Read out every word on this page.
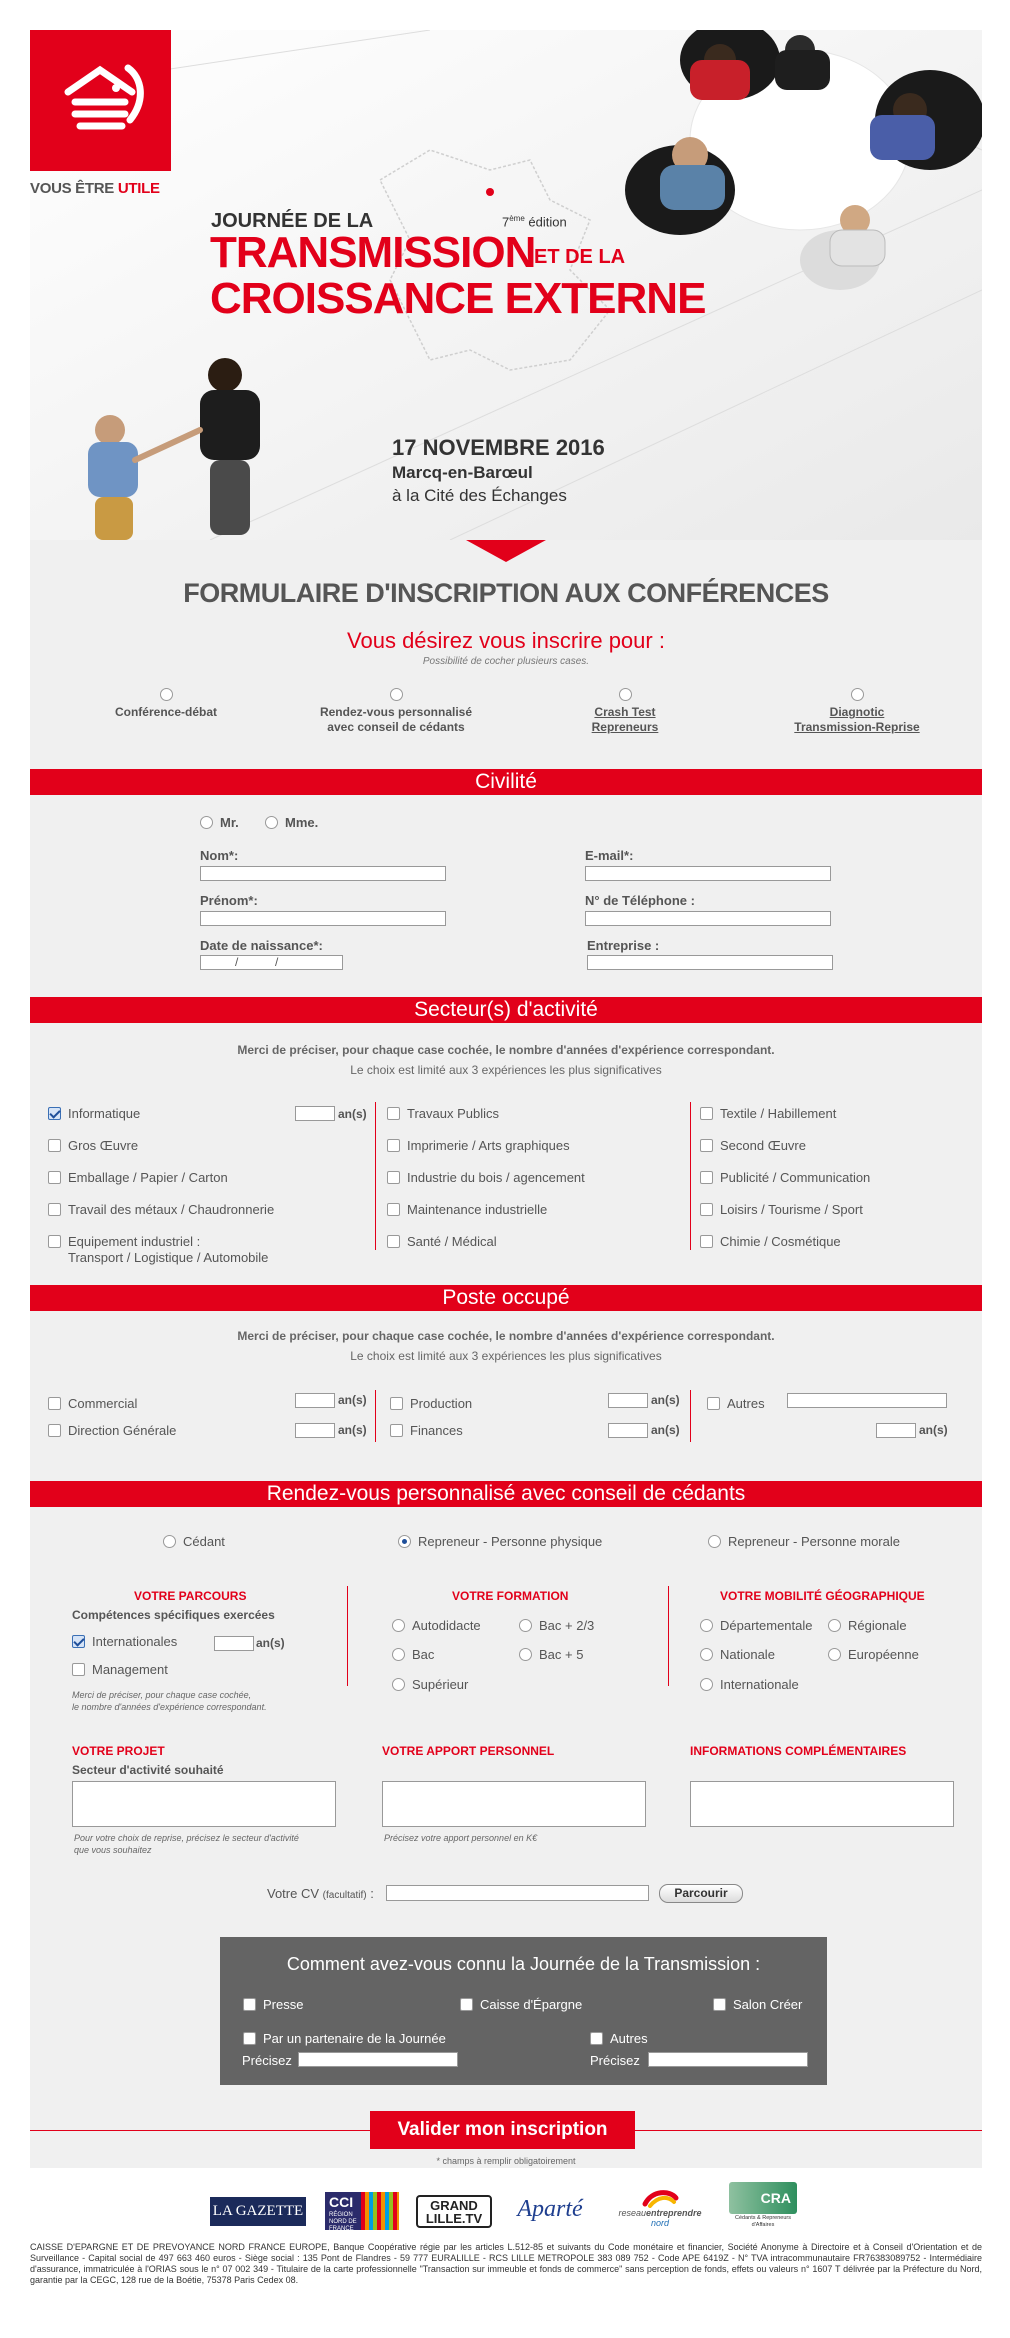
VOUS ÊTRE UTILE
JOURNÉE DE LA	7ème édition
TRANSMISSION
ET DE LA
CROISSANCE EXTERNE
17 NOVEMBRE 2016
Marcq-en-Barœul
à la Cité des Échanges
FORMULAIRE D'INSCRIPTION AUX CONFÉRENCES
Vous désirez vous inscrire pour :
Possibilité de cocher plusieurs cases.
Conférence-débat	Rendez-vous personnalisé
avec conseil de cédants
Crash Test
Repreneurs
Diagnotic
Transmission-Reprise
Civilité
Mr.	Mme.
Nom*:	E-mail*:
Prénom*:	N° de Téléphone :
Date de naissance*:
/	/
Entreprise :
Secteur(s) d'activité
Merci de préciser, pour chaque case cochée, le nombre d'années d'expérience correspondant.
Le choix est limité aux 3 expériences les plus significatives
Informatique	an(s)
Gros Œuvre
Emballage / Papier / Carton
Travail des métaux / Chaudronnerie
Equipement industriel :
Transport / Logistique / Automobile
Travaux Publics
Imprimerie / Arts graphiques
Industrie du bois / agencement
Maintenance industrielle
Santé / Médical
Textile / Habillement
Second Œuvre
Publicité / Communication
Loisirs / Tourisme / Sport
Chimie / Cosmétique
Poste occupé
Merci de préciser, pour chaque case cochée, le nombre d'années d'expérience correspondant.
Le choix est limité aux 3 expériences les plus significatives
Commercial	an(s)
Direction Générale	an(s)
Production	an(s)
Finances	an(s)
Autres
an(s)
Rendez-vous personnalisé avec conseil de cédants
Cédant	Repreneur - Personne physique	Repreneur - Personne morale
VOTRE PARCOURS
Compétences spécifiques exercées
Internationales	an(s)
Management
Merci de préciser, pour chaque case cochée,
le nombre d'années d'expérience correspondant.
VOTRE FORMATION
Autodidacte	Bac + 2/3
Bac	Bac + 5
Supérieur
VOTRE MOBILITÉ GÉOGRAPHIQUE
Départementale	Régionale
Nationale	Européenne
Internationale
VOTRE PROJET
Secteur d'activité souhaité
Pour votre choix de reprise, précisez le secteur d'activité
que vous souhaitez
VOTRE APPORT PERSONNEL
Précisez votre apport personnel en K€
INFORMATIONS COMPLÉMENTAIRES
Votre CV (facultatif) :	Parcourir
Comment avez-vous connu la Journée de la Transmission :
Presse	Caisse d'Épargne	Salon Créer
Par un partenaire de la Journée	Autres
Précisez	Précisez
Valider mon inscription
* champs à remplir obligatoirement
LA GAZETTE
CCI
RÉGION NORD DE FRANCE
GRAND
LILLE.TV	Aparté	reseauentreprendre
nord
CRA
Cédants & Repreneurs d'Affaires
CAISSE D'EPARGNE ET DE PREVOYANCE NORD FRANCE EUROPE, Banque Coopérative régie par les articles L.512-85 et suivants du Code monétaire et financier, Société Anonyme à Directoire et à Conseil d'Orientation et de Surveillance - Capital social de 497 663 460 euros - Siège social : 135 Pont de Flandres - 59 777 EURALILLE - RCS LILLE METROPOLE 383 089 752 - Code APE 6419Z - N° TVA intracommunautaire FR76383089752 - Intermédiaire d'assurance, immatriculée à l'ORIAS sous le n° 07 002 349 - Titulaire de la carte professionnelle "Transaction sur immeuble et fonds de commerce" sans perception de fonds, effets ou valeurs n° 1607 T délivrée par la Préfecture du Nord, garantie par la CEGC, 128 rue de la Boétie, 75378 Paris Cedex 08.
